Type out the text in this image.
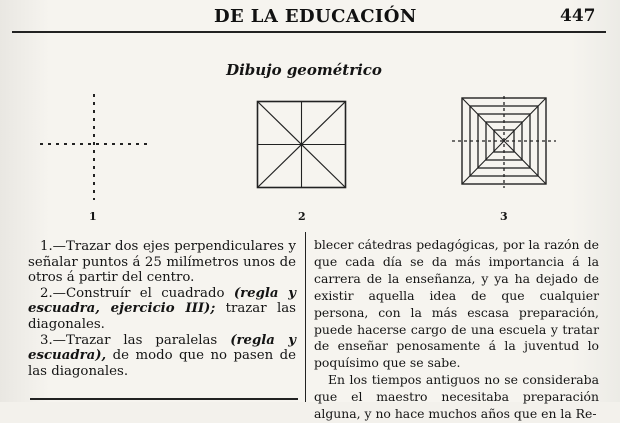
DE LA EDUCACIÓN	447
Dibujo geométrico
1	2	3

1.—Trazar dos ejes perpendiculares y señalar puntos á 25 milímetros unos de otros á partir del centro.

2.—Construír el cuadrado (regla y escuadra, ejercicio III); trazar las diagonales.

3.—Trazar las paralelas (regla y escuadra), de modo que no pasen de las diagonales.

blecer cátedras pedagógicas, por la razón de que cada día se da más importancia á la carrera de la enseñanza, y ya ha dejado de existir aquella idea de que cualquier persona, con la más escasa preparación, puede hacerse cargo de una escuela y tratar de enseñar penosamente á la juventud lo poquísimo que se sabe.

En los tiempos antiguos no se consideraba que el maestro necesitaba preparación alguna, y no hace muchos años que en la Re-
